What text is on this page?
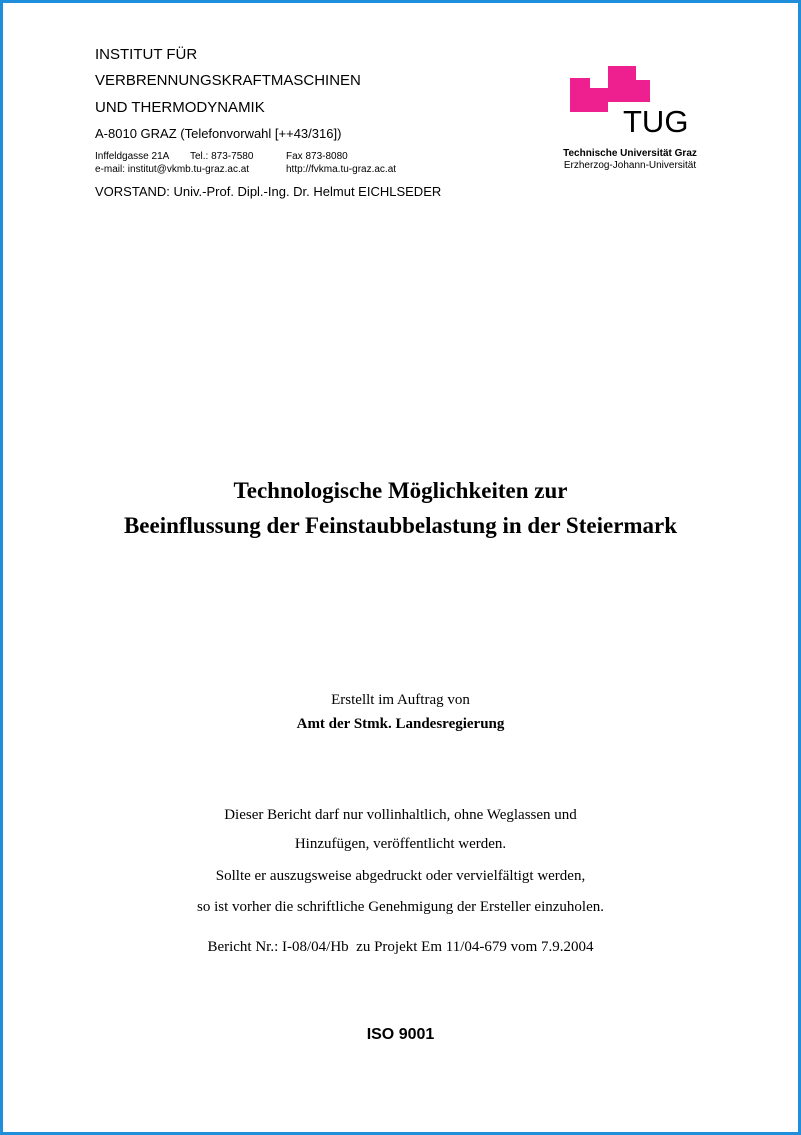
INSTITUT FÜR
VERBRENNUNGSKRAFTMASCHINEN
UND THERMODYNAMIK
A-8010 GRAZ (Telefonvorwahl [++43/316])
Inffeldgasse 21A Tel.: 873-7580	Fax 873-8080
e-mail: institut@vkmb.tu-graz.ac.at	http://fvkma.tu-graz.ac.at
VORSTAND: Univ.-Prof. Dipl.-Ing. Dr. Helmut EICHLSEDER
TUG
Technische Universität Graz
Erzherzog-Johann-Universität
Technologische Möglichkeiten zur
Beeinflussung der Feinstaubbelastung in der Steiermark
Erstellt im Auftrag von
Amt der Stmk. Landesregierung
Dieser Bericht darf nur vollinhaltlich, ohne Weglassen und
Hinzufügen, veröffentlicht werden.
Sollte er auszugsweise abgedruckt oder vervielfältigt werden,
so ist vorher die schriftliche Genehmigung der Ersteller einzuholen.
Bericht Nr.: I-08/04/Hb  zu Projekt Em 11/04-679 vom 7.9.2004
ISO 9001
